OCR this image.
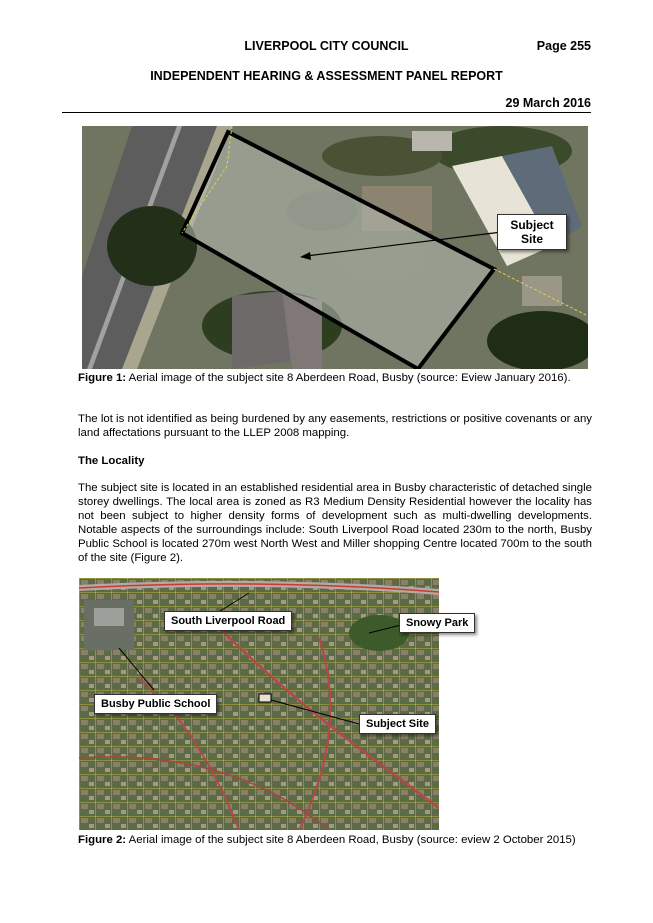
LIVERPOOL CITY COUNCIL	Page 255
INDEPENDENT HEARING & ASSESSMENT PANEL REPORT
29 March 2016
Subject Site
Figure 1: Aerial image of the subject site 8 Aberdeen Road, Busby (source: Eview January 2016).
The lot is not identified as being burdened by any easements, restrictions or positive covenants or any land affectations pursuant to the LLEP 2008 mapping.
The Locality
The subject site is located in an established residential area in Busby characteristic of detached single storey dwellings. The local area is zoned as R3 Medium Density Residential however the locality has not been subject to higher density forms of development such as multi-dwelling developments. Notable aspects of the surroundings include: South Liverpool Road located 230m to the north, Busby Public School is located 270m west North West and Miller shopping Centre located 700m to the south of the site (Figure 2).
South Liverpool Road
Busby Public School
Subject Site
Snowy Park
Figure 2: Aerial image of the subject site 8 Aberdeen Road, Busby (source: eview 2 October 2015)
